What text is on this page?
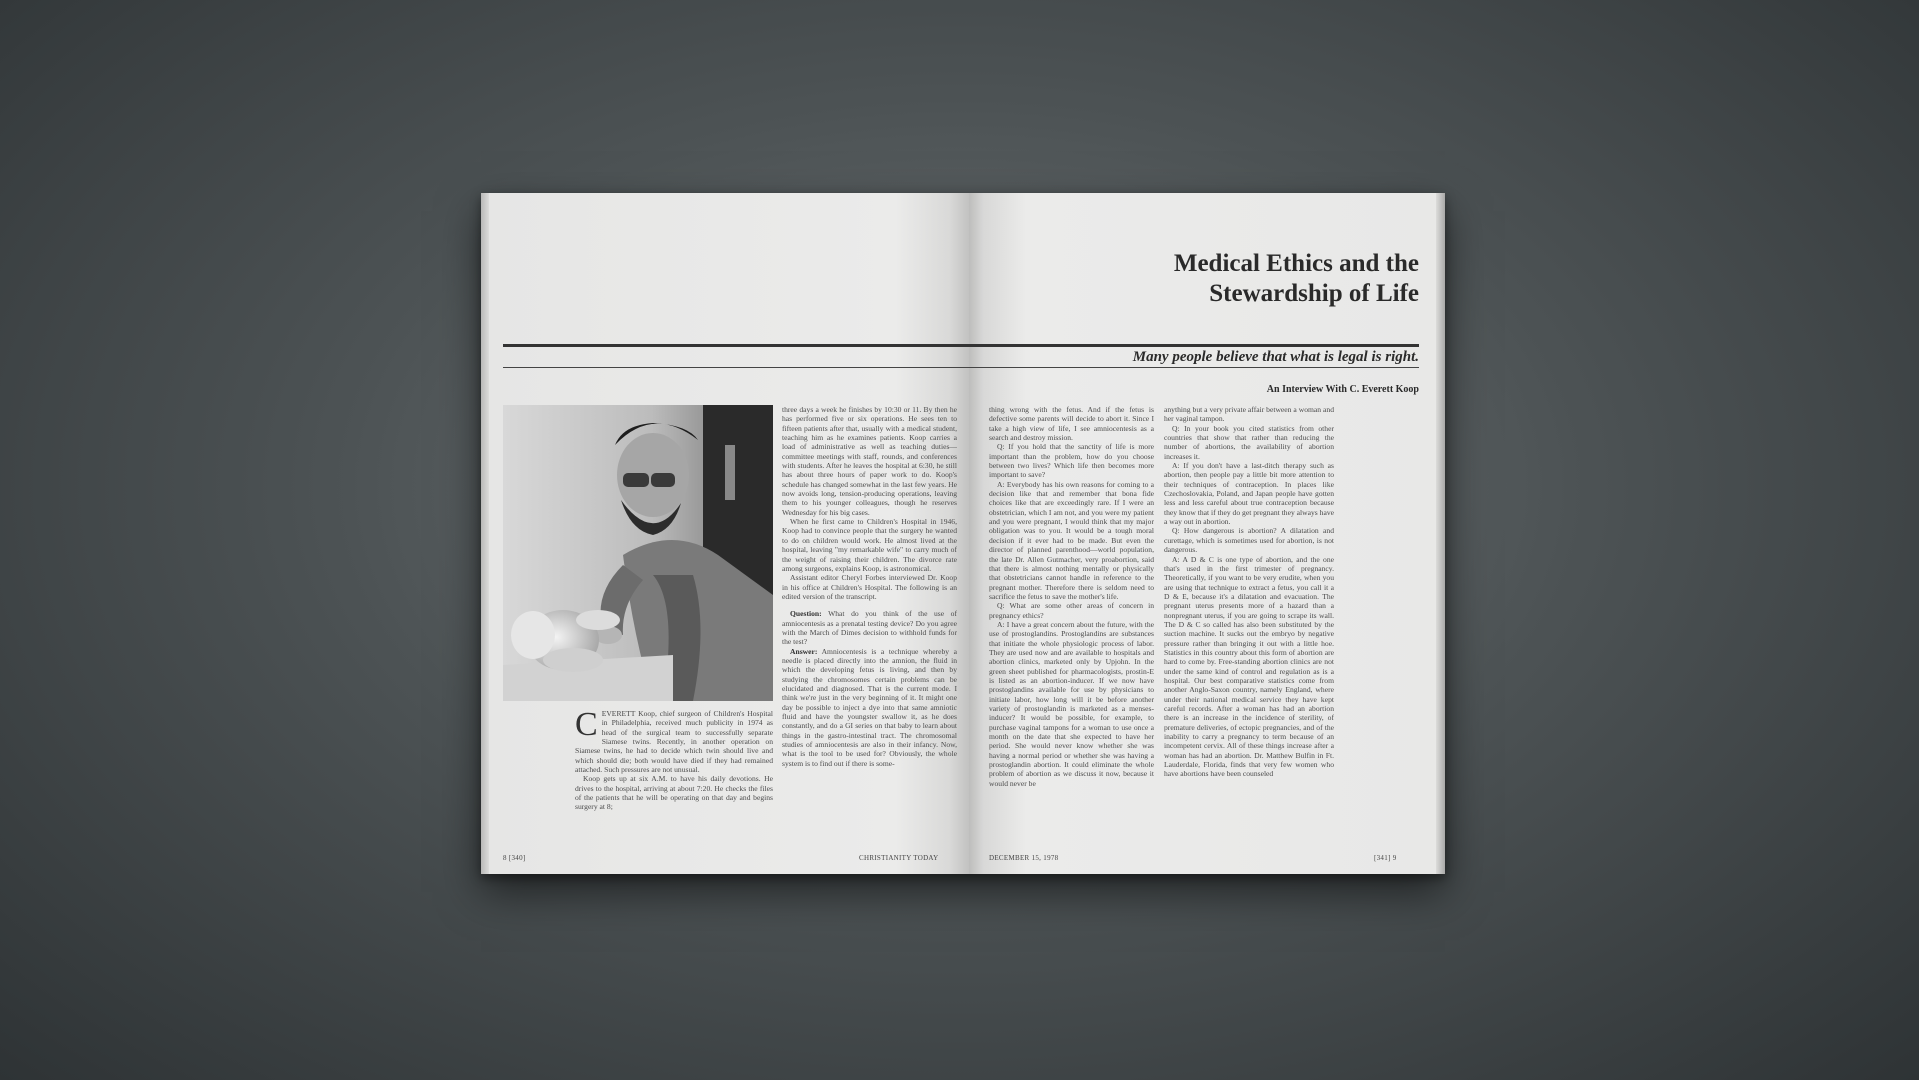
C EVERETT Koop, chief surgeon of Children's Hospital in Philadelphia, received much publicity in 1974 as head of the surgical team to successfully separate Siamese twins. Recently, in another operation on Siamese twins, he had to decide which twin should live and which should die; both would have died if they had remained attached. Such pressures are not unusual.

Koop gets up at six A.M. to have his daily devotions. He drives to the hospital, arriving at about 7:20. He checks the files of the patients that he will be operating on that day and begins surgery at 8;

three days a week he finishes by 10:30 or 11. By then he has performed five or six operations. He sees ten to fifteen patients after that, usually with a medical student, teaching him as he examines patients. Koop carries a load of administrative as well as teaching duties—committee meetings with staff, rounds, and conferences with students. After he leaves the hospital at 6:30, he still has about three hours of paper work to do. Koop's schedule has changed somewhat in the last few years. He now avoids long, tension-producing operations, leaving them to his younger colleagues, though he reserves Wednesday for his big cases.

When he first came to Children's Hospital in 1946, Koop had to convince people that the surgery he wanted to do on children would work. He almost lived at the hospital, leaving "my remarkable wife" to carry much of the weight of raising their children. The divorce rate among surgeons, explains Koop, is astronomical.

Assistant editor Cheryl Forbes interviewed Dr. Koop in his office at Children's Hospital. The following is an edited version of the transcript.

Question: What do you think of the use of amniocentesis as a prenatal testing device? Do you agree with the March of Dimes decision to withhold funds for the test?

Answer: Amniocentesis is a technique whereby a needle is placed directly into the amnion, the fluid in which the developing fetus is living, and then by studying the chromosomes certain problems can be elucidated and diagnosed. That is the current mode. I think we're just in the very beginning of it. It might one day be possible to inject a dye into that same amniotic fluid and have the youngster swallow it, as he does constantly, and do a GI series on that baby to learn about things in the gastro-intestinal tract. The chromosomal studies of amniocentesis are also in their infancy. Now, what is the tool to be used for? Obviously, the whole system is to find out if there is some-

8 [340]	CHRISTIANITY TODAY
Medical Ethics and the
Stewardship of Life
Many people believe that what is legal is right.
An Interview With C. Everett Koop

thing wrong with the fetus. And if the fetus is defective some parents will decide to abort it. Since I take a high view of life, I see amniocentesis as a search and destroy mission.

Q: If you hold that the sanctity of life is more important than the problem, how do you choose between two lives? Which life then becomes more important to save?

A: Everybody has his own reasons for coming to a decision like that and remember that bona fide choices like that are exceedingly rare. If I were an obstetrician, which I am not, and you were my patient and you were pregnant, I would think that my major obligation was to you. It would be a tough moral decision if it ever had to be made. But even the director of planned parenthood—world population, the late Dr. Allen Gutmacher, very proabortion, said that there is almost nothing mentally or physically that obstetricians cannot handle in reference to the pregnant mother. Therefore there is seldom need to sacrifice the fetus to save the mother's life.

Q: What are some other areas of concern in pregnancy ethics?

A: I have a great concern about the future, with the use of prostoglandins. Prostoglandins are substances that initiate the whole physiologic process of labor. They are used now and are available to hospitals and abortion clinics, marketed only by Upjohn. In the green sheet published for pharmacologists, prostin-E is listed as an abortion-inducer. If we now have prostoglandins available for use by physicians to initiate labor, how long will it be before another variety of prostoglandin is marketed as a menses-inducer? It would be possible, for example, to purchase vaginal tampons for a woman to use once a month on the date that she expected to have her period. She would never know whether she was having a normal period or whether she was having a prostoglandin abortion. It could eliminate the whole problem of abortion as we discuss it now, because it would never be

anything but a very private affair between a woman and her vaginal tampon.

Q: In your book you cited statistics from other countries that show that rather than reducing the number of abortions, the availability of abortion increases it.

A: If you don't have a last-ditch therapy such as abortion, then people pay a little bit more attention to their techniques of contraception. In places like Czechoslovakia, Poland, and Japan people have gotten less and less careful about true contraception because they know that if they do get pregnant they always have a way out in abortion.

Q: How dangerous is abortion? A dilatation and curettage, which is sometimes used for abortion, is not dangerous.

A: A D & C is one type of abortion, and the one that's used in the first trimester of pregnancy. Theoretically, if you want to be very erudite, when you are using that technique to extract a fetus, you call it a D & E, because it's a dilatation and evacuation. The pregnant uterus presents more of a hazard than a nonpregnant uterus, if you are going to scrape its wall. The D & C so called has also been substituted by the suction machine. It sucks out the embryo by negative pressure rather than bringing it out with a little hoe. Statistics in this country about this form of abortion are hard to come by. Free-standing abortion clinics are not under the same kind of control and regulation as is a hospital. Our best comparative statistics come from another Anglo-Saxon country, namely England, where under their national medical service they have kept careful records. After a woman has had an abortion there is an increase in the incidence of sterility, of premature deliveries, of ectopic pregnancies, and of the inability to carry a pregnancy to term because of an incompetent cervix. All of these things increase after a woman has had an abortion. Dr. Matthew Bulfin in Ft. Lauderdale, Florida, finds that very few women who have abortions have been counseled

DECEMBER 15, 1978	[341] 9
